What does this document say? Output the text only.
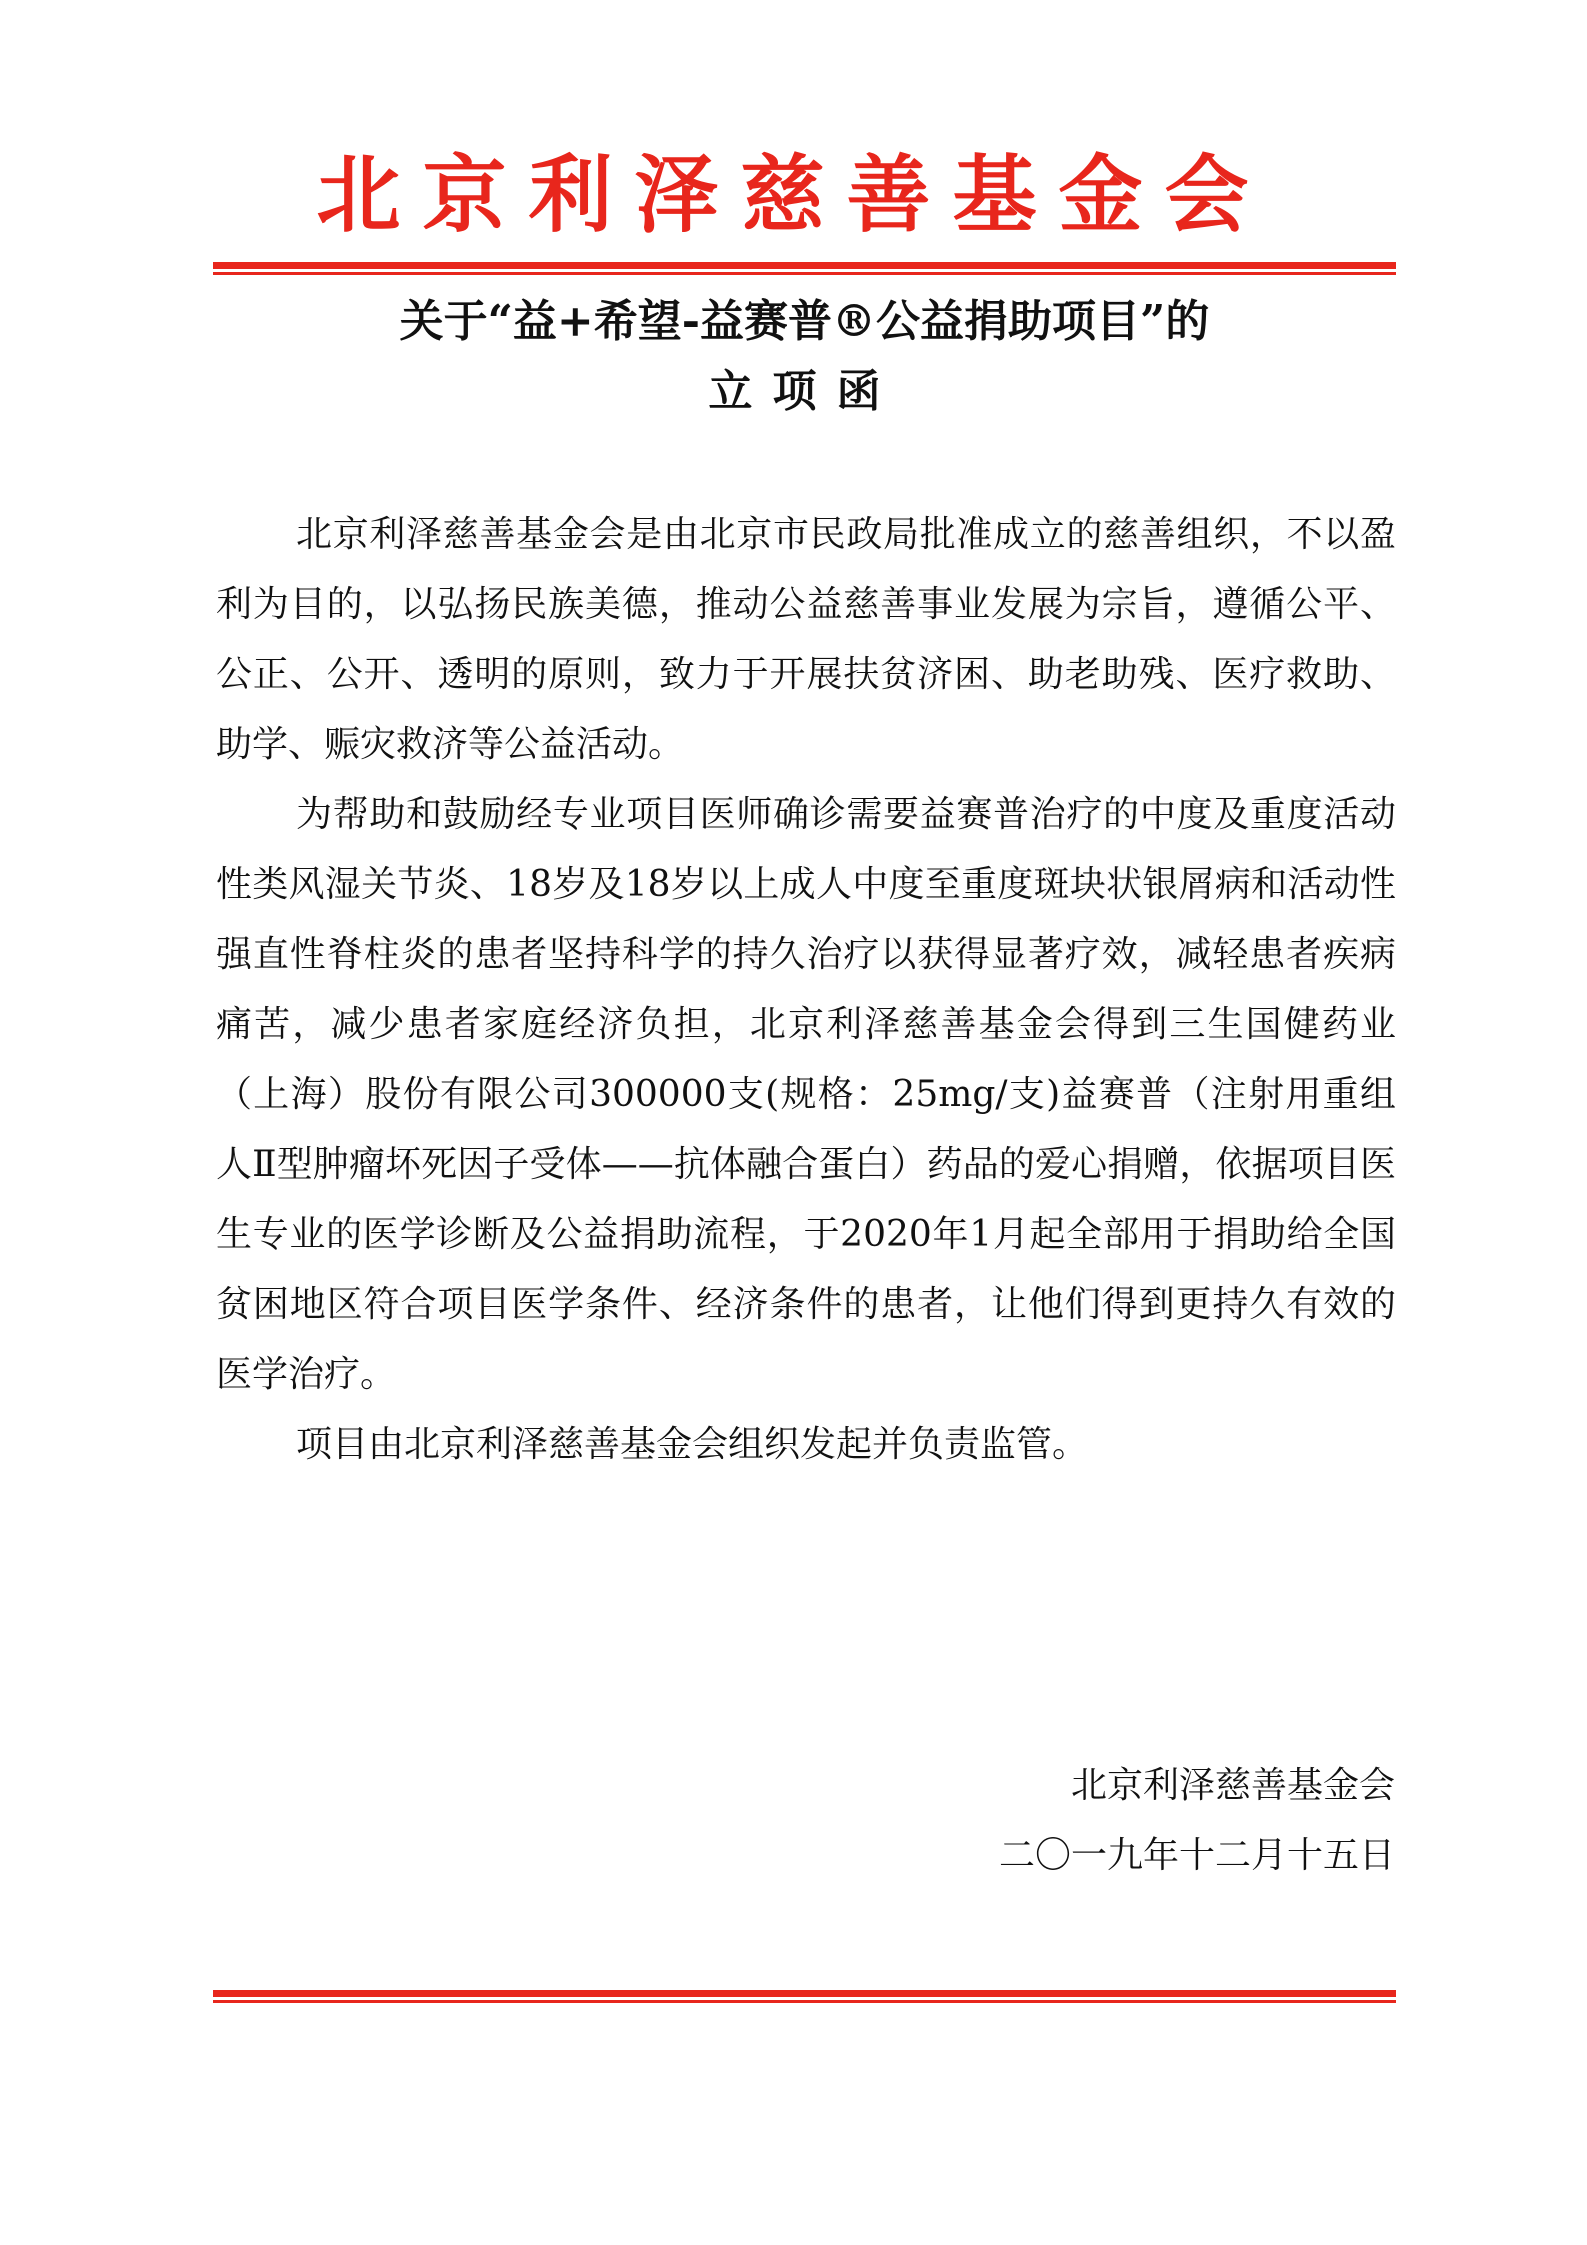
北京利泽慈善基金会
关于“益+希望-益赛普®公益捐助项目”的
立项函

北京利泽慈善基金会是由北京市民政局批准成立的慈善组织，不以盈利为目的，以弘扬民族美德，推动公益慈善事业发展为宗旨，遵循公平、公正、公开、透明的原则，致力于开展扶贫济困、助老助残、医疗救助、助学、赈灾救济等公益活动。

为帮助和鼓励经专业项目医师确诊需要益赛普治疗的中度及重度活动性类风湿关节炎、18岁及18岁以上成人中度至重度斑块状银屑病和活动性强直性脊柱炎的患者坚持科学的持久治疗以获得显著疗效，减轻患者疾病痛苦，减少患者家庭经济负担，北京利泽慈善基金会得到三生国健药业（上海）股份有限公司300000支(规格：25mg/支)益赛普（注射用重组人Ⅱ型肿瘤坏死因子受体——抗体融合蛋白）药品的爱心捐赠，依据项目医生专业的医学诊断及公益捐助流程，于2020年1月起全部用于捐助给全国贫困地区符合项目医学条件、经济条件的患者，让他们得到更持久有效的医学治疗。

项目由北京利泽慈善基金会组织发起并负责监管。

北京利泽慈善基金会
二〇一九年十二月十五日
